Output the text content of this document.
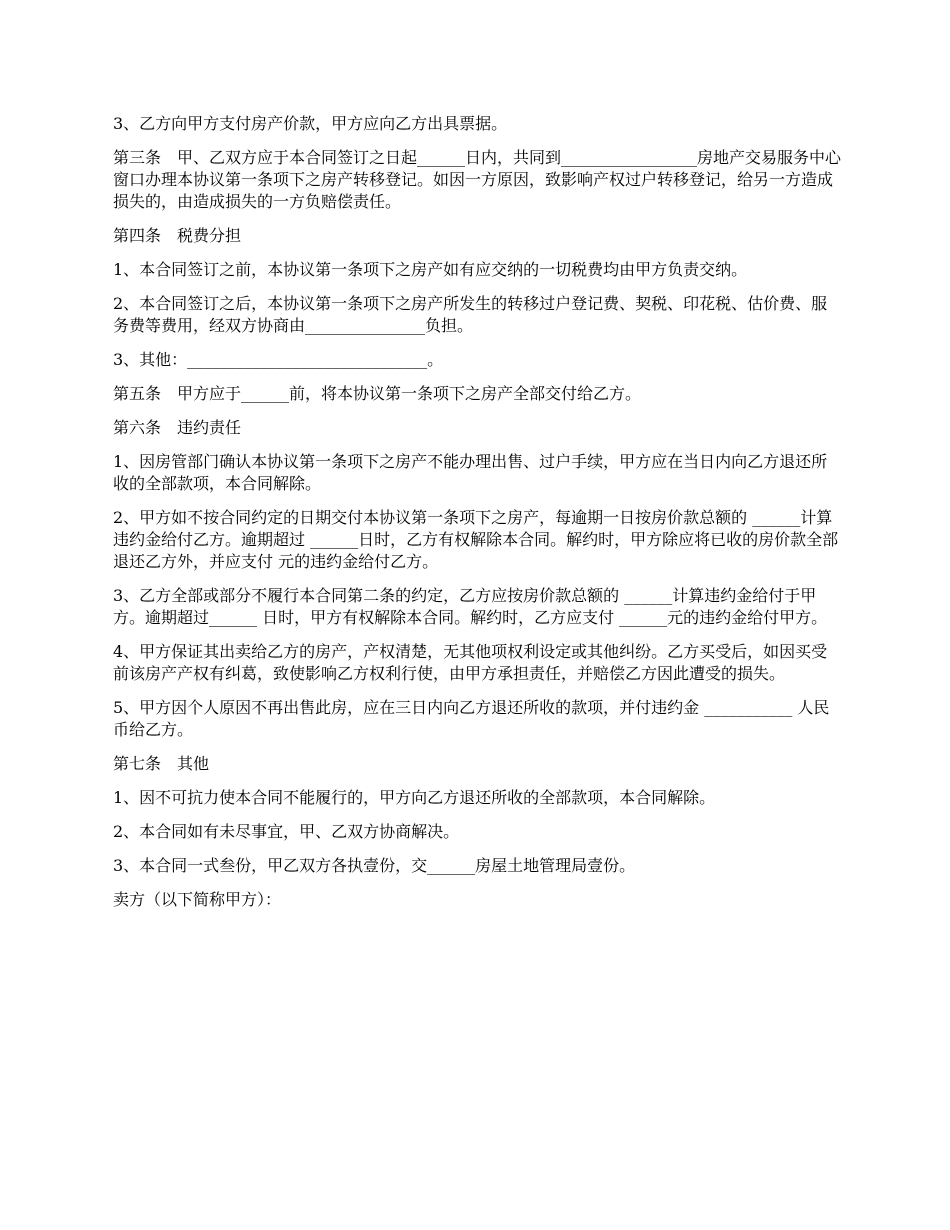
3、乙方向甲方支付房产价款，甲方应向乙方出具票据。

第三条　甲、乙双方应于本合同签订之日起______日内，共同到_________________房地产交易服务中心窗口办理本协议第一条项下之房产转移登记。如因一方原因，致影响产权过户转移登记，给另一方造成损失的，由造成损失的一方负赔偿责任。

第四条　税费分担

1、本合同签订之前，本协议第一条项下之房产如有应交纳的一切税费均由甲方负责交纳。

2、本合同签订之后，本协议第一条项下之房产所发生的转移过户登记费、契税、印花税、估价费、服务费等费用，经双方协商由_______________负担。

3、其他：______________________________。

第五条　甲方应于______前，将本协议第一条项下之房产全部交付给乙方。

第六条　违约责任

1、因房管部门确认本协议第一条项下之房产不能办理出售、过户手续，甲方应在当日内向乙方退还所收的全部款项，本合同解除。

2、甲方如不按合同约定的日期交付本协议第一条项下之房产，每逾期一日按房价款总额的 ______计算违约金给付乙方。逾期超过 ______日时，乙方有权解除本合同。解约时，甲方除应将已收的房价款全部退还乙方外，并应支付 元的违约金给付乙方。

3、乙方全部或部分不履行本合同第二条的约定，乙方应按房价款总额的 ______计算违约金给付于甲方。逾期超过______ 日时，甲方有权解除本合同。解约时，乙方应支付 ______元的违约金给付甲方。

4、甲方保证其出卖给乙方的房产，产权清楚，无其他项权利设定或其他纠纷。乙方买受后，如因买受前该房产产权有纠葛，致使影响乙方权利行使，由甲方承担责任，并赔偿乙方因此遭受的损失。

5、甲方因个人原因不再出售此房，应在三日内向乙方退还所收的款项，并付违约金 ___________ 人民币给乙方。

第七条　其他

1、因不可抗力使本合同不能履行的，甲方向乙方退还所收的全部款项，本合同解除。

2、本合同如有未尽事宜，甲、乙双方协商解决。

3、本合同一式叁份，甲乙双方各执壹份，交______房屋土地管理局壹份。

卖方（以下简称甲方）：
